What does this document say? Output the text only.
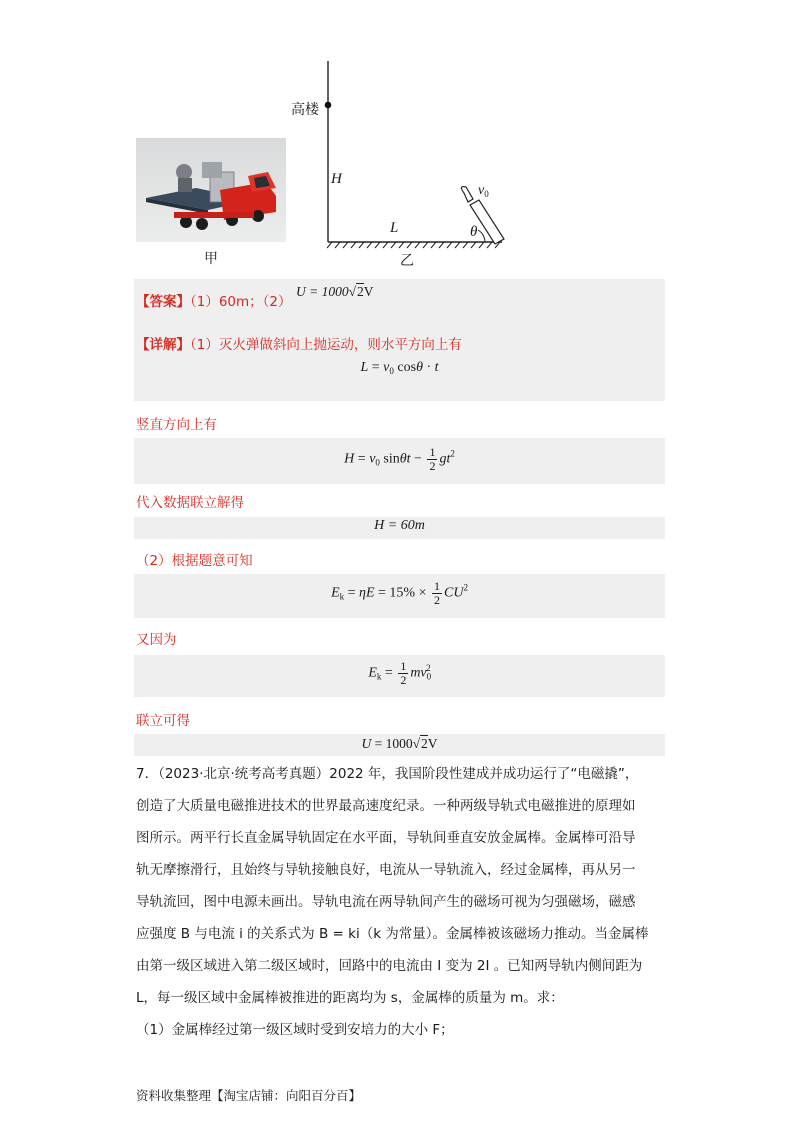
甲
高楼
H
L	θ
$v_0$
乙
【答案】（1）60m；（2）
U = 1000√2V
【详解】（1）灭火弹做斜向上抛运动，则水平方向上有
$L = v_0$ cosθ · t
竖直方向上有
$H = v_0$ $\sin\theta t - \frac{1}{2} gt^2$
代入数据联立解得
H = 60m
（2）根据题意可知
$E_k = \eta E = 15\% \times \frac{1}{2} CU^2$
又因为
$E_k = \frac{1}{2} mv_0^2$
联立可得
U = 1000√2V
7．（2023·北京·统考高考真题）2022 年，我国阶段性建成并成功运行了“电磁撬”，
创造了大质量电磁推进技术的世界最高速度纪录。一种两级导轨式电磁推进的原理如
图所示。两平行长直金属导轨固定在水平面，导轨间垂直安放金属棒。金属棒可沿导
轨无摩擦滑行，且始终与导轨接触良好，电流从一导轨流入，经过金属棒，再从另一
导轨流回，图中电源未画出。导轨电流在两导轨间产生的磁场可视为匀强磁场，磁感
应强度 B 与电流 i 的关系式为 B = ki（k 为常量）。金属棒被该磁场力推动。当金属棒
由第一级区域进入第二级区域时，回路中的电流由 I 变为 2I 。已知两导轨内侧间距为
L，每一级区域中金属棒被推进的距离均为 s，金属棒的质量为 m。求：
（1）金属棒经过第一级区域时受到安培力的大小 F；
资料收集整理【淘宝店铺：向阳百分百】
